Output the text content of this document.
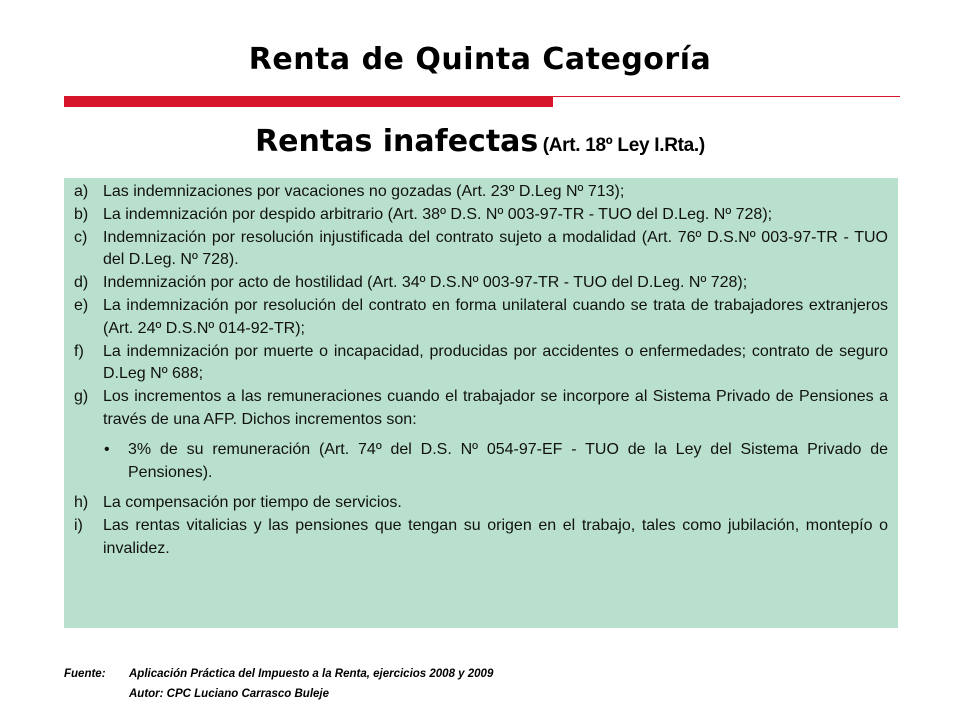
Renta de Quinta Categoría
Rentas inafectas (Art. 18º Ley I.Rta.)
a) Las indemnizaciones por vacaciones no gozadas (Art. 23º D.Leg Nº 713);
b) La indemnización por despido arbitrario (Art. 38º D.S. Nº 003-97-TR - TUO del D.Leg. Nº 728);
c) Indemnización por resolución injustificada del contrato sujeto a modalidad (Art. 76º D.S.Nº 003-97-TR - TUO del D.Leg. Nº 728).
d) Indemnización por acto de hostilidad (Art. 34º D.S.Nº 003-97-TR - TUO del D.Leg. Nº 728);
e) La indemnización por resolución del contrato en forma unilateral cuando se trata de trabajadores extranjeros (Art. 24º D.S.Nº 014-92-TR);
f)	La indemnización por muerte o incapacidad, producidas por accidentes o enfermedades; contrato de seguro D.Leg Nº 688;
g) Los incrementos a las remuneraciones cuando el trabajador se incorpore al Sistema Privado de Pensiones a través de una AFP. Dichos incrementos son:
•	3% de su remuneración (Art. 74º del D.S. Nº 054-97-EF - TUO de la Ley del Sistema Privado de Pensiones).
h) La compensación por tiempo de servicios.
i)	Las rentas vitalicias y las pensiones que tengan su origen en el trabajo, tales como jubilación, montepío o invalidez.
Fuente:	Aplicación Práctica del Impuesto a la Renta, ejercicios 2008 y 2009
Autor: CPC Luciano Carrasco Buleje
